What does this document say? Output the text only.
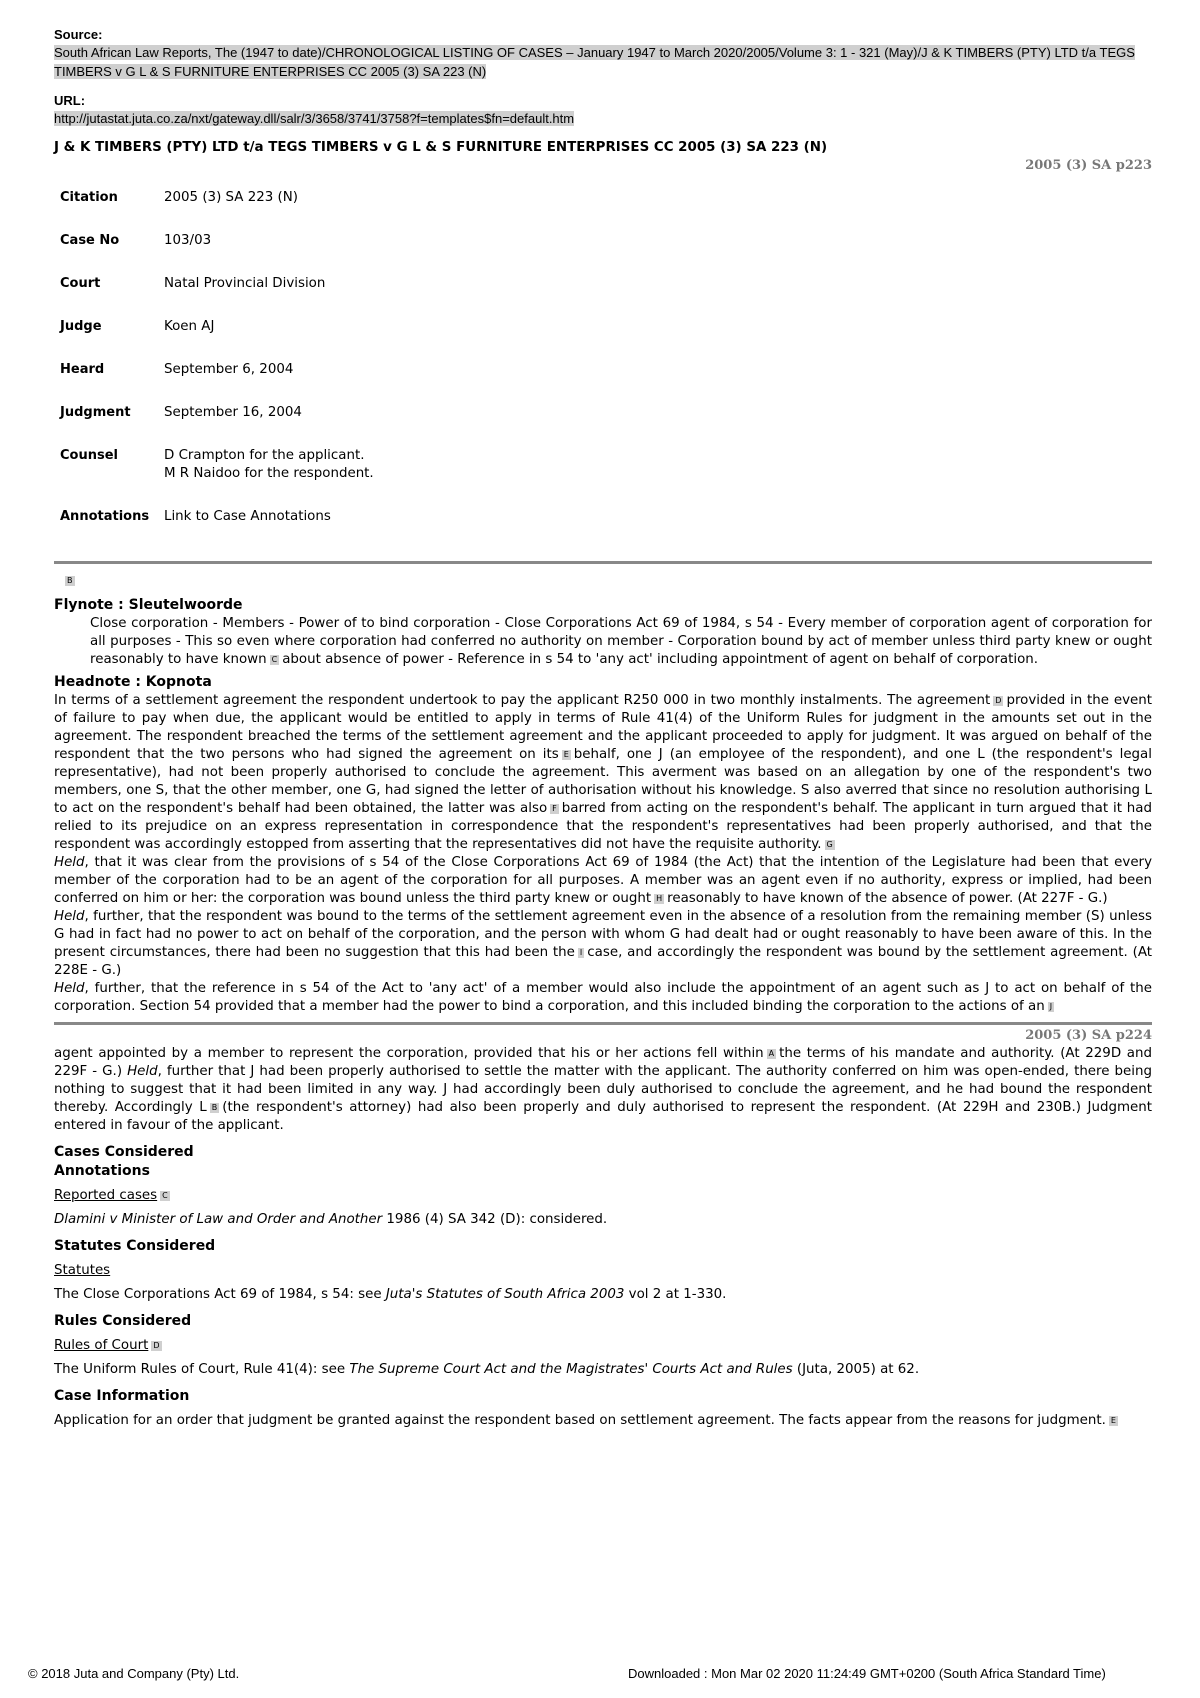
Source:
South African Law Reports, The (1947 to date)/CHRONOLOGICAL LISTING OF CASES – January 1947 to March 2020/2005/Volume 3: 1 - 321 (May)/J & K TIMBERS (PTY) LTD t/a TEGS TIMBERS v G L & S FURNITURE ENTERPRISES CC 2005 (3) SA 223 (N)
URL:
http://jutastat.juta.co.za/nxt/gateway.dll/salr/3/3658/3741/3758?f=templates$fn=default.htm
J & K TIMBERS (PTY) LTD t/a TEGS TIMBERS v G L & S FURNITURE ENTERPRISES CC 2005 (3) SA 223 (N)
2005 (3) SA p223
Citation	2005 (3) SA 223 (N)
Case No	103/03
Court	Natal Provincial Division
Judge	Koen AJ
Heard	September 6, 2004
Judgment	September 16, 2004
Counsel	D Crampton for the applicant.
M R Naidoo for the respondent.

Annotations	Link to Case Annotations
B
Flynote : Sleutelwoorde
Close corporation - Members - Power of to bind corporation - Close Corporations Act 69 of 1984, s 54 - Every member of corporation agent of corporation for all purposes - This so even where corporation had conferred no authority on member - Corporation bound by act of member unless third party knew or ought reasonably to have known C about absence of power - Reference in s 54 to 'any act' including appointment of agent on behalf of corporation.
Headnote : Kopnota
In terms of a settlement agreement the respondent undertook to pay the applicant R250 000 in two monthly instalments. The agreement D provided in the event of failure to pay when due, the applicant would be entitled to apply in terms of Rule 41(4) of the Uniform Rules for judgment in the amounts set out in the agreement. The respondent breached the terms of the settlement agreement and the applicant proceeded to apply for judgment. It was argued on behalf of the respondent that the two persons who had signed the agreement on its E behalf, one J (an employee of the respondent), and one L (the respondent's legal representative), had not been properly authorised to conclude the agreement. This averment was based on an allegation by one of the respondent's two members, one S, that the other member, one G, had signed the letter of authorisation without his knowledge. S also averred that since no resolution authorising L to act on the respondent's behalf had been obtained, the latter was also F barred from acting on the respondent's behalf. The applicant in turn argued that it had relied to its prejudice on an express representation in correspondence that the respondent's representatives had been properly authorised, and that the respondent was accordingly estopped from asserting that the representatives did not have the requisite authority. G
Held, that it was clear from the provisions of s 54 of the Close Corporations Act 69 of 1984 (the Act) that the intention of the Legislature had been that every member of the corporation had to be an agent of the corporation for all purposes. A member was an agent even if no authority, express or implied, had been conferred on him or her: the corporation was bound unless the third party knew or ought H reasonably to have known of the absence of power. (At 227F - G.)
Held, further, that the respondent was bound to the terms of the settlement agreement even in the absence of a resolution from the remaining member (S) unless G had in fact had no power to act on behalf of the corporation, and the person with whom G had dealt had or ought reasonably to have been aware of this. In the present circumstances, there had been no suggestion that this had been the I case, and accordingly the respondent was bound by the settlement agreement. (At 228E - G.)
Held, further, that the reference in s 54 of the Act to 'any act' of a member would also include the appointment of an agent such as J to act on behalf of the corporation. Section 54 provided that a member had the power to bind a corporation, and this included binding the corporation to the actions of an J
2005 (3) SA p224
agent appointed by a member to represent the corporation, provided that his or her actions fell within A the terms of his mandate and authority. (At 229D and 229F - G.) Held, further that J had been properly authorised to settle the matter with the applicant. The authority conferred on him was open-ended, there being nothing to suggest that it had been limited in any way. J had accordingly been duly authorised to conclude the agreement, and he had bound the respondent thereby. Accordingly L B (the respondent's attorney) had also been properly and duly authorised to represent the respondent. (At 229H and 230B.) Judgment entered in favour of the applicant.
Cases Considered
Annotations
Reported cases C
Dlamini v Minister of Law and Order and Another 1986 (4) SA 342 (D): considered.
Statutes Considered
Statutes
The Close Corporations Act 69 of 1984, s 54: see Juta's Statutes of South Africa 2003 vol 2 at 1-330.
Rules Considered
Rules of Court D
The Uniform Rules of Court, Rule 41(4): see The Supreme Court Act and the Magistrates' Courts Act and Rules (Juta, 2005) at 62.
Case Information
Application for an order that judgment be granted against the respondent based on settlement agreement. The facts appear from the reasons for judgment. E
© 2018 Juta and Company (Pty) Ltd.	Downloaded : Mon Mar 02 2020 11:24:49 GMT+0200 (South Africa Standard Time)
